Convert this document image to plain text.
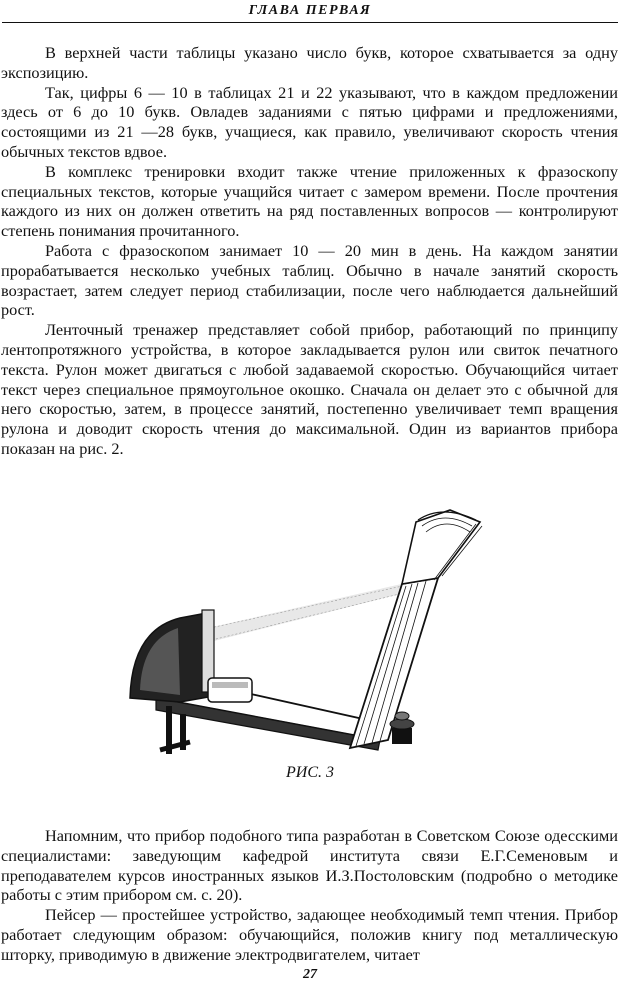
ГЛАВА ПЕРВАЯ

В верхней части таблицы указано число букв, которое схватывается за одну экспозицию.

Так, цифры 6 — 10 в таблицах 21 и 22 указывают, что в каждом предложении здесь от 6 до 10 букв. Овладев заданиями с пятью цифрами и предложениями, состоящими из 21 —28 букв, учащиеся, как правило, увеличивают скорость чтения обычных текстов вдвое.

В комплекс тренировки входит также чтение приложенных к фразоскопу специальных текстов, которые учащийся читает с замером времени. После прочтения каждого из них он должен ответить на ряд поставленных вопросов — контролируют степень понимания прочитанного.

Работа с фразоскопом занимает 10 — 20 мин в день. На каждом занятии прорабатывается несколько учебных таблиц. Обычно в начале занятий скорость возрастает, затем следует период стабилизации, после чего наблюдается дальнейший рост.

Ленточный тренажер представляет собой прибор, работающий по принципу лентопротяжного устройства, в которое закладывается рулон или свиток печатного текста. Рулон может двигаться с любой задаваемой скоростью. Обучающийся читает текст через специальное прямоугольное окошко. Сначала он делает это с обычной для него скоростью, затем, в процессе занятий, постепенно увеличивает темп вращения рулона и доводит скорость чтения до максимальной. Один из вариантов прибора показан на рис. 2.

РИС. 3

Напомним, что прибор подобного типа разработан в Советском Союзе одесскими специалистами: заведующим кафедрой института связи Е.Г.Семеновым и преподавателем курсов иностранных языков И.З.Постоловским (подробно о методике работы с этим прибором см. с. 20).

Пейсер — простейшее устройство, задающее необходимый темп чтения. Прибор работает следующим образом: обучающийся, положив книгу под металлическую шторку, приводимую в движение электродвигателем, читает

27
